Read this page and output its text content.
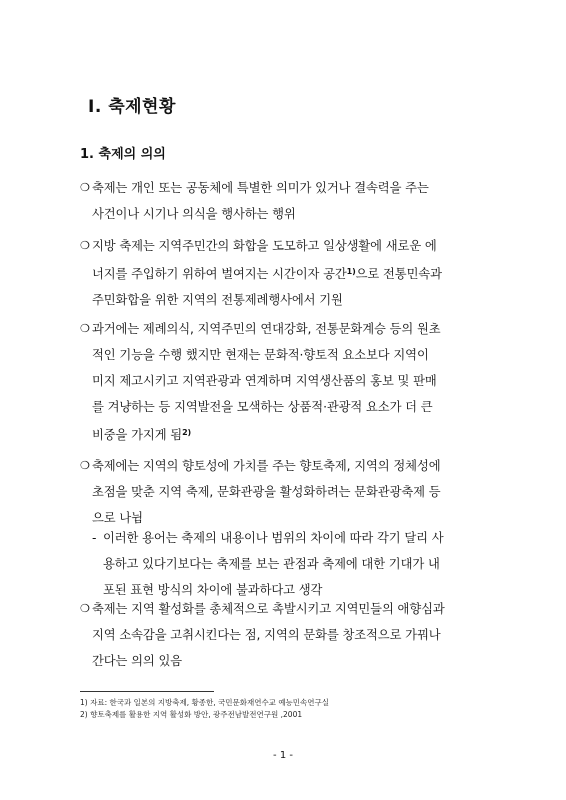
Ⅰ. 축제현황
1. 축제의 의의
❍ 축제는 개인 또는 공동체에 특별한 의미가 있거나 결속력을 주는
사건이나 시기나 의식을 행사하는 행위
❍ 지방 축제는 지역주민간의 화합을 도모하고 일상생활에 새로운 에
너지를 주입하기 위하여 벌여지는 시간이자 공간$^{1)}$으로 전통민속과
주민화합을 위한 지역의 전통제례행사에서 기원
❍ 과거에는 제례의식, 지역주민의 연대강화, 전통문화계승 등의 원초
적인 기능을 수행 했지만 현재는 문화적·향토적 요소보다 지역이
미지 제고시키고 지역관광과 연계하며 지역생산품의 홍보 및 판매
를 겨냥하는 등 지역발전을 모색하는 상품적·관광적 요소가 더 큰
비중을 가지게 됨$^{2)}$
❍ 축제에는 지역의 향토성에 가치를 주는 향토축제, 지역의 정체성에
초점을 맞춘 지역 축제, 문화관광을 활성화하려는 문화관광축제 등
으로 나뉨
- 이러한 용어는 축제의 내용이나 범위의 차이에 따라 각기 달리 사
용하고 있다기보다는 축제를 보는 관점과 축제에 대한 기대가 내
포된 표현 방식의 차이에 불과하다고 생각
❍ 축제는 지역 활성화를 총체적으로 촉발시키고 지역민들의 애향심과
지역 소속감을 고취시킨다는 점, 지역의 문화를 창조적으로 가꿔나
간다는 의의 있음
1) 자료: 한국과 일본의 지방축제, 황종한, 국민문화재연수교 예능민속연구실
2) 향토축제를 활용한 지역 활성화 방안, 광주전남발전연구원 ,2001
- 1 -
